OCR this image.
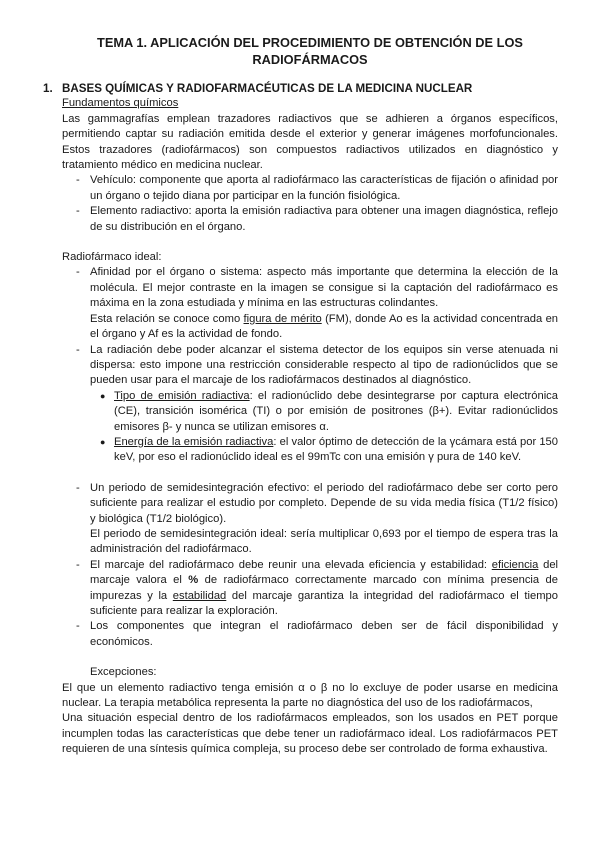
TEMA 1. APLICACIÓN DEL PROCEDIMIENTO DE OBTENCIÓN DE LOS RADIOFÁRMACOS
1. BASES QUÍMICAS Y RADIOFARMACÉUTICAS DE LA MEDICINA NUCLEAR

Fundamentos químicos

Las gammagrafías emplean trazadores radiactivos que se adhieren a órganos específicos, permitiendo captar su radiación emitida desde el exterior y generar imágenes morfofuncionales. Estos trazadores (radiofármacos) son compuestos radiactivos utilizados en diagnóstico y tratamiento médico en medicina nuclear.

- Vehículo: componente que aporta al radiofármaco las características de fijación o afinidad por un órgano o tejido diana por participar en la función fisiológica.
- Elemento radiactivo: aporta la emisión radiactiva para obtener una imagen diagnóstica, reflejo de su distribución en el órgano.

Radiofármaco ideal:

- Afinidad por el órgano o sistema: aspecto más importante que determina la elección de la molécula. El mejor contraste en la imagen se consigue si la captación del radiofármaco es máxima en la zona estudiada y mínima en las estructuras colindantes.
Esta relación se conoce como figura de mérito (FM), donde Ao es la actividad concentrada en el órgano y Af es la actividad de fondo.
- La radiación debe poder alcanzar el sistema detector de los equipos sin verse atenuada ni dispersa: esto impone una restricción considerable respecto al tipo de radionúclidos que se pueden usar para el marcaje de los radiofármacos destinados al diagnóstico.
● Tipo de emisión radiactiva: el radionúclido debe desintegrarse por captura electrónica (CE), transición isomérica (TI) o por emisión de positrones (β+). Evitar radionúclidos emisores β- y nunca se utilizan emisores α.
● Energía de la emisión radiactiva: el valor óptimo de detección de la γcámara está por 150 keV, por eso el radionúclido ideal es el 99mTc con una emisión γ pura de 140 keV.
- Un periodo de semidesintegración efectivo: el periodo del radiofármaco debe ser corto pero suficiente para realizar el estudio por completo. Depende de su vida media física (T1/2 físico) y biológica (T1/2 biológico).
El periodo de semidesintegración ideal: sería multiplicar 0,693 por el tiempo de espera tras la administración del radiofármaco.
- El marcaje del radiofármaco debe reunir una elevada eficiencia y estabilidad: eficiencia del marcaje valora el % de radiofármaco correctamente marcado con mínima presencia de impurezas y la estabilidad del marcaje garantiza la integridad del radiofármaco el tiempo suficiente para realizar la exploración.
- Los componentes que integran el radiofármaco deben ser de fácil disponibilidad y económicos.

Excepciones:

El que un elemento radiactivo tenga emisión α o β no lo excluye de poder usarse en medicina nuclear. La terapia metabólica representa la parte no diagnóstica del uso de los radiofármacos,

Una situación especial dentro de los radiofármacos empleados, son los usados en PET porque incumplen todas las características que debe tener un radiofármaco ideal. Los radiofármacos PET requieren de una síntesis química compleja, su proceso debe ser controlado de forma exhaustiva.
